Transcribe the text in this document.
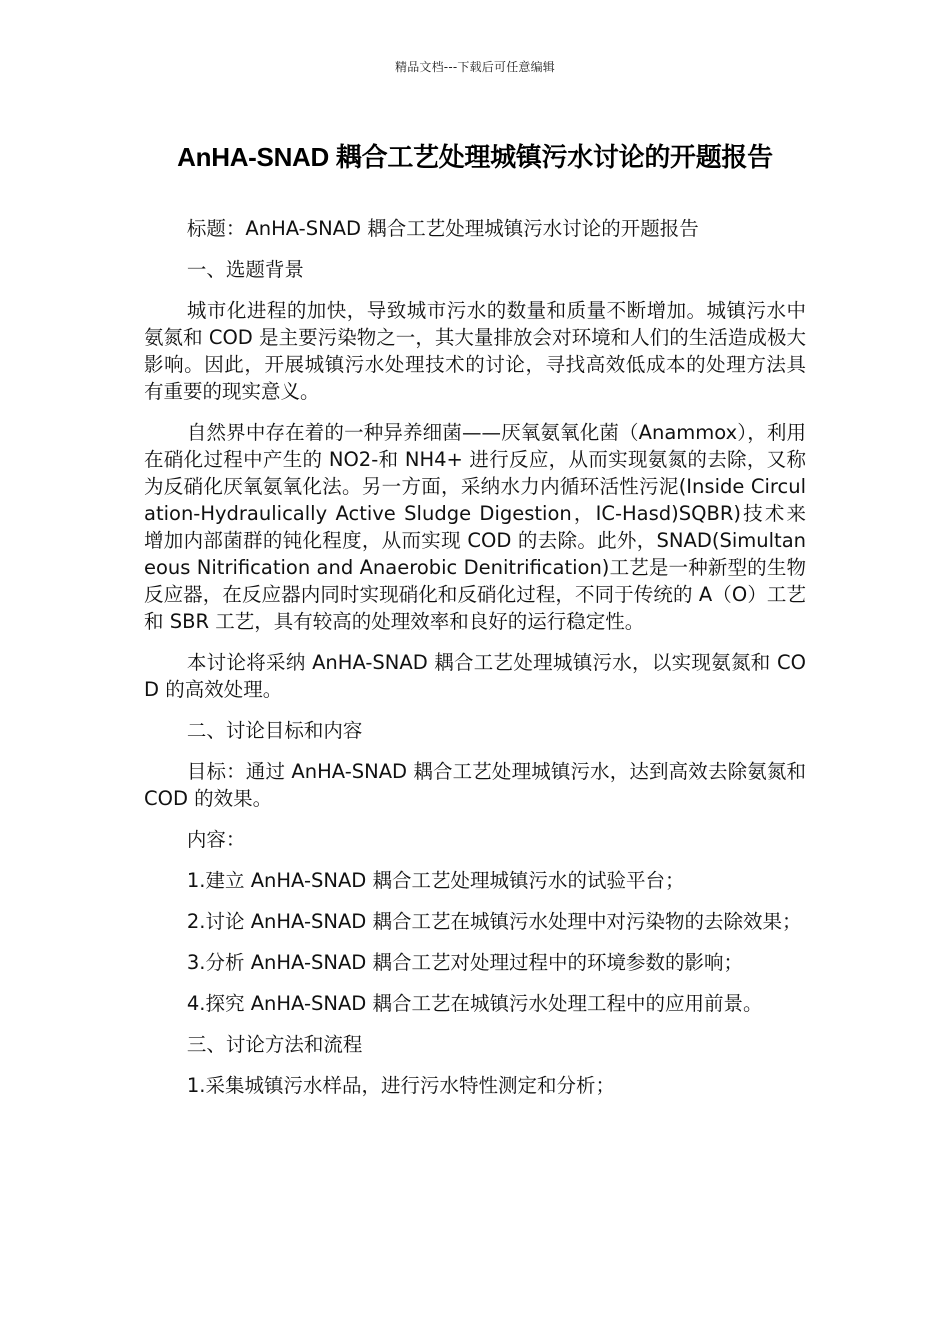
精品文档---下载后可任意编辑
AnHA-SNAD 耦合工艺处理城镇污水讨论的开题报告

标题：AnHA-SNAD 耦合工艺处理城镇污水讨论的开题报告

一、选题背景

城市化进程的加快，导致城市污水的数量和质量不断增加。城镇污水中氨氮和 COD 是主要污染物之一，其大量排放会对环境和人们的生活造成极大影响。因此，开展城镇污水处理技术的讨论，寻找高效低成本的处理方法具有重要的现实意义。

自然界中存在着的一种异养细菌——厌氧氨氧化菌（Anammox），利用在硝化过程中产生的 NO2-和 NH4+ 进行反应，从而实现氨氮的去除，又称为反硝化厌氧氨氧化法。另一方面，采纳水力内循环活性污泥(Inside Circulation-Hydraulically Active Sludge Digestion，IC-Hasd)SQBR)技术来增加内部菌群的钝化程度，从而实现 COD 的去除。此外，SNAD(Simultaneous Nitrification and Anaerobic Denitrification)工艺是一种新型的生物反应器，在反应器内同时实现硝化和反硝化过程，不同于传统的 A（O）工艺和 SBR 工艺，具有较高的处理效率和良好的运行稳定性。

本讨论将采纳 AnHA-SNAD 耦合工艺处理城镇污水，以实现氨氮和 COD 的高效处理。

二、讨论目标和内容

目标：通过 AnHA-SNAD 耦合工艺处理城镇污水，达到高效去除氨氮和 COD 的效果。

内容：

1.建立 AnHA-SNAD 耦合工艺处理城镇污水的试验平台；

2.讨论 AnHA-SNAD 耦合工艺在城镇污水处理中对污染物的去除效果；

3.分析 AnHA-SNAD 耦合工艺对处理过程中的环境参数的影响；

4.探究 AnHA-SNAD 耦合工艺在城镇污水处理工程中的应用前景。

三、讨论方法和流程

1.采集城镇污水样品，进行污水特性测定和分析；
